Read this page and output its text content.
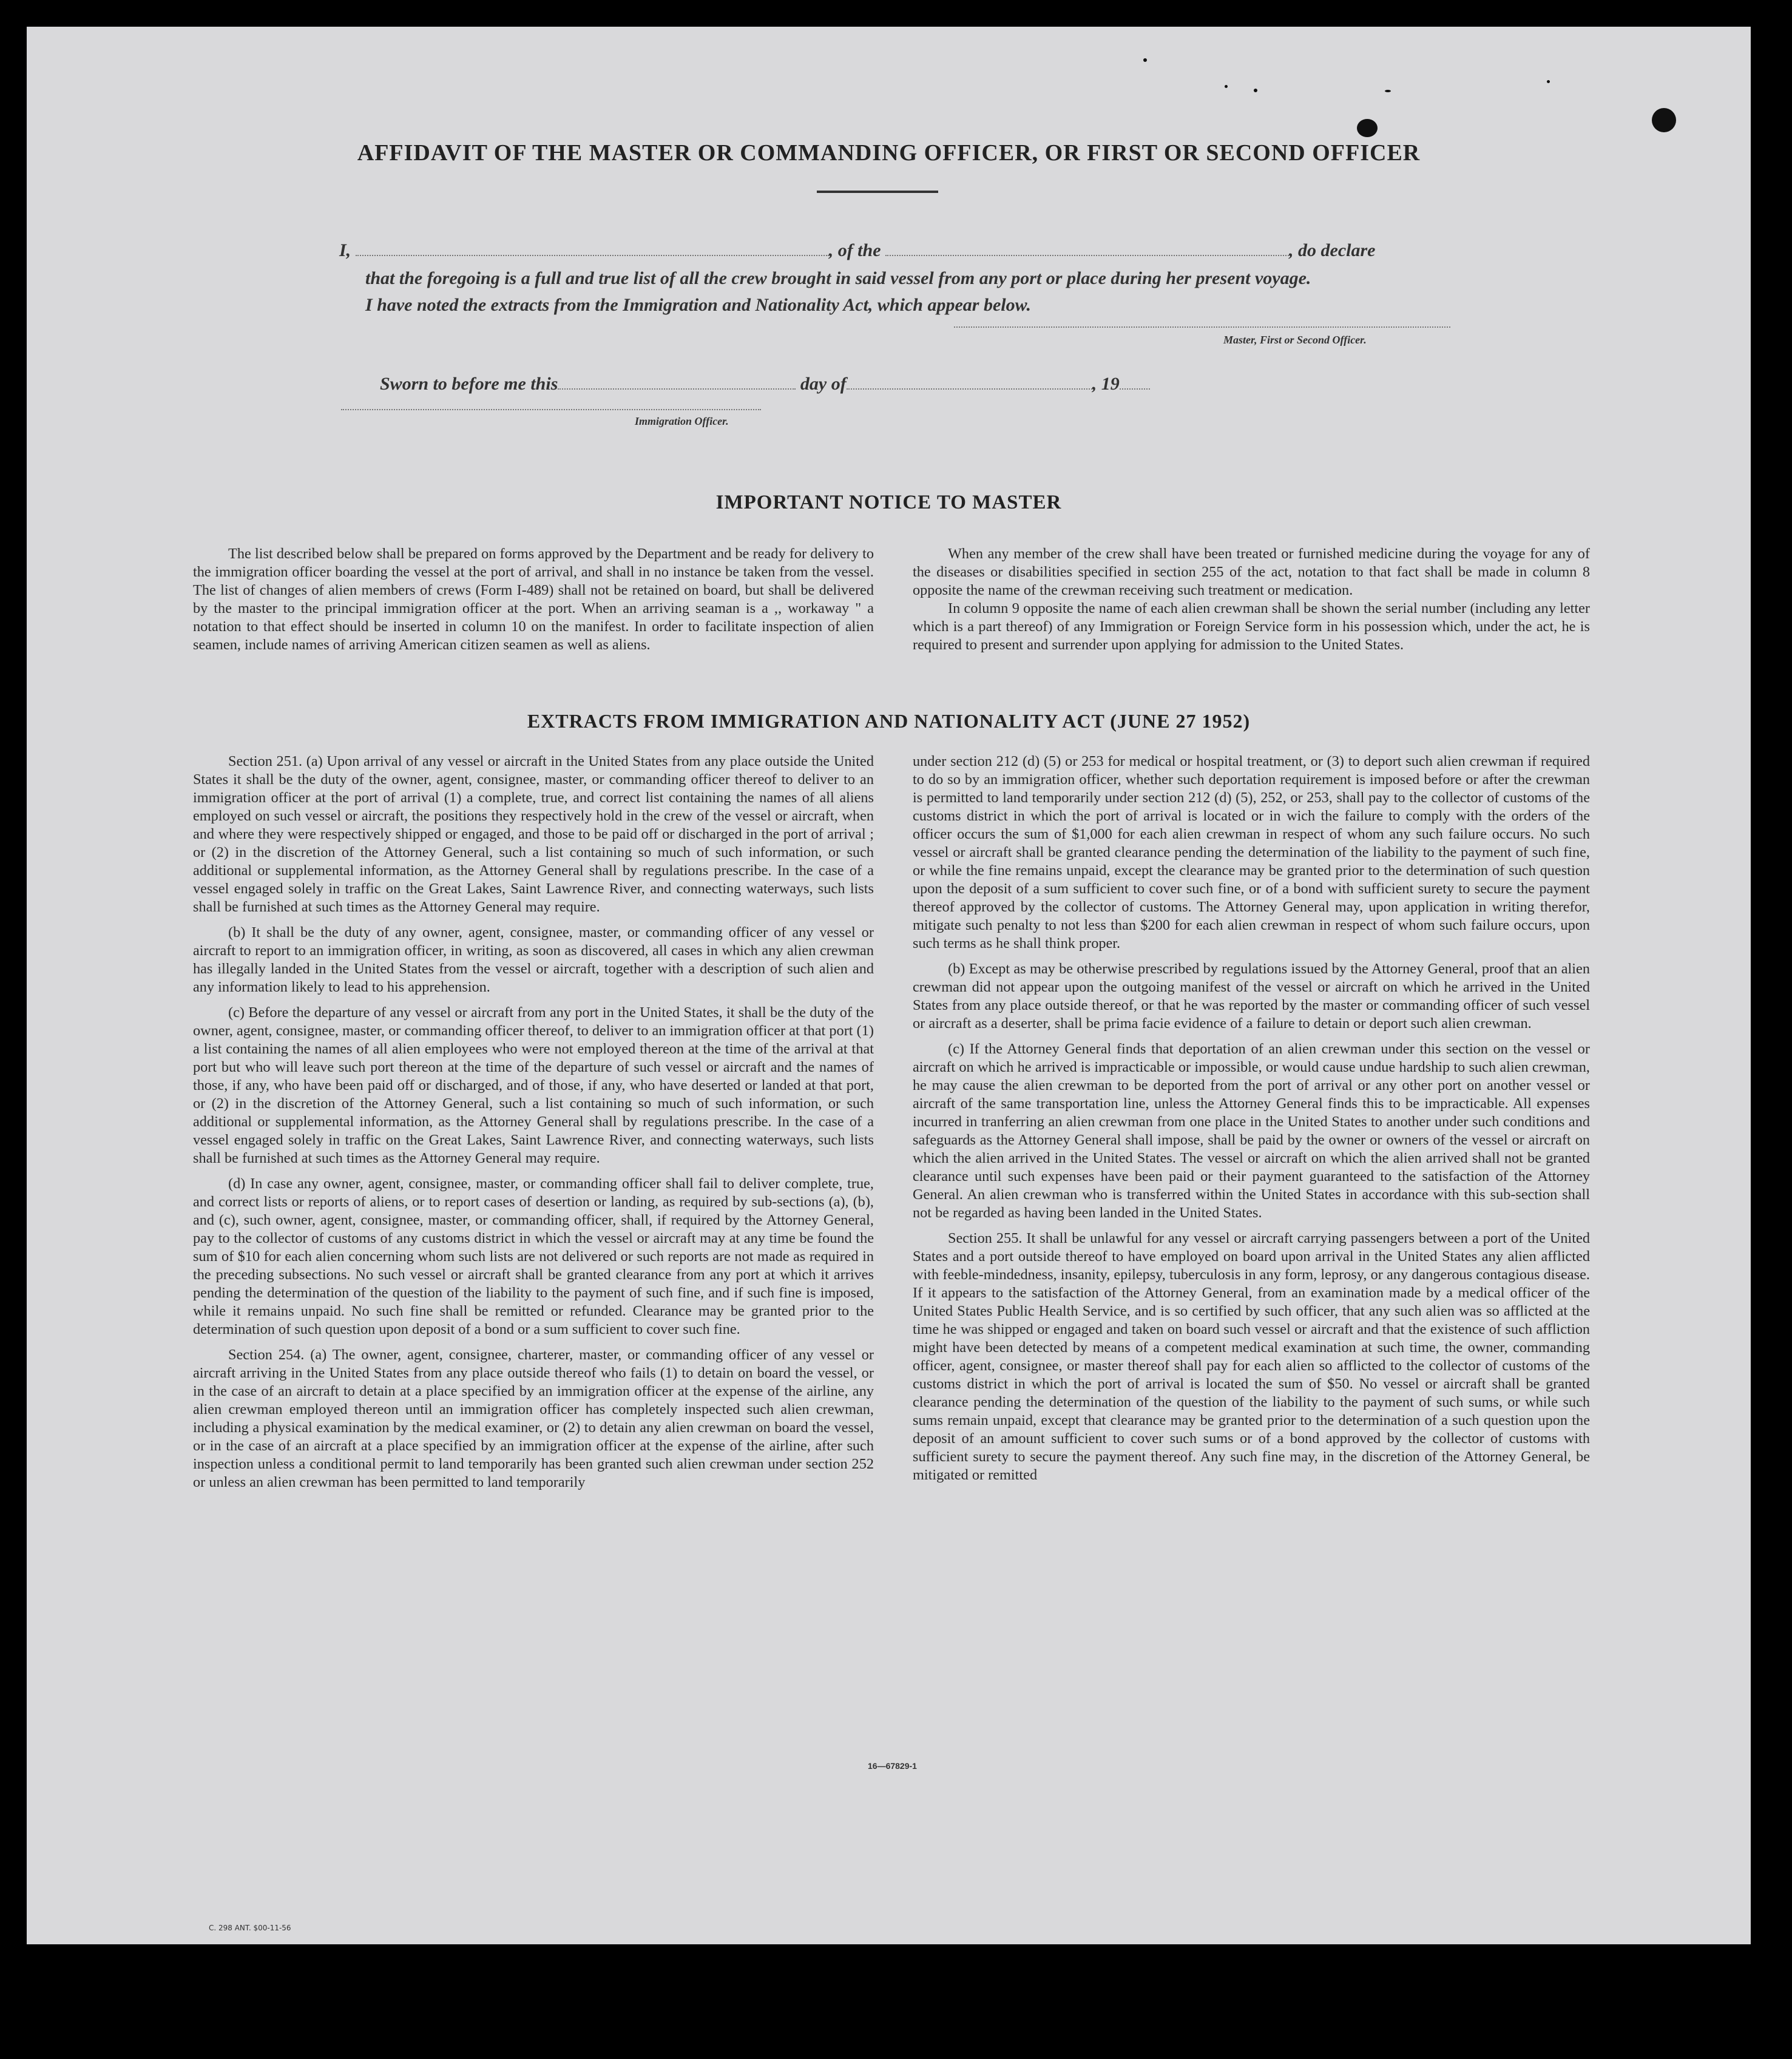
AFFIDAVIT OF THE MASTER OR COMMANDING OFFICER, OR FIRST OR SECOND OFFICER
I,	, of the	, do declare
that the foregoing is a full and true list of all the crew brought in said vessel from any port or place during her present voyage.
I have noted the extracts from the Immigration and Nationality Act, which appear below.
Master, First or Second Officer.
Sworn to before me this	day of	, 19
Immigration Officer.
IMPORTANT NOTICE TO MASTER

The list described below shall be prepared on forms approved by the Department and be ready for delivery to the immigration officer boarding the vessel at the port of arrival, and shall in no instance be taken from the vessel. The list of changes of alien members of crews (Form I-489) shall not be retained on board, but shall be delivered by the master to the principal immigration officer at the port. When an arriving seaman is a ,, workaway " a notation to that effect should be inserted in column 10 on the manifest. In order to facilitate inspection of alien seamen, include names of arriving American citizen seamen as well as aliens.

When any member of the crew shall have been treated or furnished medicine during the voyage for any of the diseases or disabilities specified in section 255 of the act, notation to that fact shall be made in column 8 opposite the name of the crewman receiving such treatment or medication.

In column 9 opposite the name of each alien crewman shall be shown the serial number (including any letter which is a part thereof) of any Immigration or Foreign Service form in his possession which, under the act, he is required to present and surrender upon applying for admission to the United States.

EXTRACTS FROM IMMIGRATION AND NATIONALITY ACT (JUNE 27 1952)

Section 251. (a) Upon arrival of any vessel or aircraft in the United States from any place outside the United States it shall be the duty of the owner, agent, consignee, master, or commanding officer thereof to deliver to an immigration officer at the port of arrival (1) a complete, true, and correct list containing the names of all aliens employed on such vessel or aircraft, the positions they respectively hold in the crew of the vessel or aircraft, when and where they were respectively shipped or engaged, and those to be paid off or discharged in the port of arrival ; or (2) in the discretion of the Attorney General, such a list containing so much of such information, or such additional or supplemental information, as the Attorney General shall by regulations prescribe. In the case of a vessel engaged solely in traffic on the Great Lakes, Saint Lawrence River, and connecting waterways, such lists shall be furnished at such times as the Attorney General may require.

(b) It shall be the duty of any owner, agent, consignee, master, or commanding officer of any vessel or aircraft to report to an immigration officer, in writing, as soon as discovered, all cases in which any alien crewman has illegally landed in the United States from the vessel or aircraft, together with a description of such alien and any information likely to lead to his apprehension.

(c) Before the departure of any vessel or aircraft from any port in the United States, it shall be the duty of the owner, agent, consignee, master, or commanding officer thereof, to deliver to an immigration officer at that port (1) a list containing the names of all alien employees who were not employed thereon at the time of the arrival at that port but who will leave such port thereon at the time of the departure of such vessel or aircraft and the names of those, if any, who have been paid off or discharged, and of those, if any, who have deserted or landed at that port, or (2) in the discretion of the Attorney General, such a list containing so much of such information, or such additional or supplemental information, as the Attorney General shall by regulations prescribe. In the case of a vessel engaged solely in traffic on the Great Lakes, Saint Lawrence River, and connecting waterways, such lists shall be furnished at such times as the Attorney General may require.

(d) In case any owner, agent, consignee, master, or commanding officer shall fail to deliver complete, true, and correct lists or reports of aliens, or to report cases of desertion or landing, as required by sub-sections (a), (b), and (c), such owner, agent, consignee, master, or commanding officer, shall, if required by the Attorney General, pay to the collector of customs of any customs district in which the vessel or aircraft may at any time be found the sum of $10 for each alien concerning whom such lists are not delivered or such reports are not made as required in the preceding subsections. No such vessel or aircraft shall be granted clearance from any port at which it arrives pending the determination of the question of the liability to the payment of such fine, and if such fine is imposed, while it remains unpaid. No such fine shall be remitted or refunded. Clearance may be granted prior to the determination of such question upon deposit of a bond or a sum sufficient to cover such fine.

Section 254. (a) The owner, agent, consignee, charterer, master, or commanding officer of any vessel or aircraft arriving in the United States from any place outside thereof who fails (1) to detain on board the vessel, or in the case of an aircraft to detain at a place specified by an immigration officer at the expense of the airline, any alien crewman employed thereon until an immigration officer has completely inspected such alien crewman, including a physical examination by the medical examiner, or (2) to detain any alien crewman on board the vessel, or in the case of an aircraft at a place specified by an immigration officer at the expense of the airline, after such inspection unless a conditional permit to land temporarily has been granted such alien crewman under section 252 or unless an alien crewman has been permitted to land temporarily

under section 212 (d) (5) or 253 for medical or hospital treatment, or (3) to deport such alien crewman if required to do so by an immigration officer, whether such deportation requirement is imposed before or after the crewman is permitted to land temporarily under section 212 (d) (5), 252, or 253, shall pay to the collector of customs of the customs district in which the port of arrival is located or in wich the failure to comply with the orders of the officer occurs the sum of $1,000 for each alien crewman in respect of whom any such failure occurs. No such vessel or aircraft shall be granted clearance pending the determination of the liability to the payment of such fine, or while the fine remains unpaid, except the clearance may be granted prior to the determination of such question upon the deposit of a sum sufficient to cover such fine, or of a bond with sufficient surety to secure the payment thereof approved by the collector of customs. The Attorney General may, upon application in writing therefor, mitigate such penalty to not less than $200 for each alien crewman in respect of whom such failure occurs, upon such terms as he shall think proper.

(b) Except as may be otherwise prescribed by regulations issued by the Attorney General, proof that an alien crewman did not appear upon the outgoing manifest of the vessel or aircraft on which he arrived in the United States from any place outside thereof, or that he was reported by the master or commanding officer of such vessel or aircraft as a deserter, shall be prima facie evidence of a failure to detain or deport such alien crewman.

(c) If the Attorney General finds that deportation of an alien crewman under this section on the vessel or aircraft on which he arrived is impracticable or impossible, or would cause undue hardship to such alien crewman, he may cause the alien crewman to be deported from the port of arrival or any other port on another vessel or aircraft of the same transportation line, unless the Attorney General finds this to be impracticable. All expenses incurred in tranferring an alien crewman from one place in the United States to another under such conditions and safeguards as the Attorney General shall impose, shall be paid by the owner or owners of the vessel or aircraft on which the alien arrived in the United States. The vessel or aircraft on which the alien arrived shall not be granted clearance until such expenses have been paid or their payment guaranteed to the satisfaction of the Attorney General. An alien crewman who is transferred within the United States in accordance with this sub-section shall not be regarded as having been landed in the United States.

Section 255. It shall be unlawful for any vessel or aircraft carrying passengers between a port of the United States and a port outside thereof to have employed on board upon arrival in the United States any alien afflicted with feeble-mindedness, insanity, epilepsy, tuberculosis in any form, leprosy, or any dangerous contagious disease. If it appears to the satisfaction of the Attorney General, from an examination made by a medical officer of the United States Public Health Service, and is so certified by such officer, that any such alien was so afflicted at the time he was shipped or engaged and taken on board such vessel or aircraft and that the existence of such affliction might have been detected by means of a competent medical examination at such time, the owner, commanding officer, agent, consignee, or master thereof shall pay for each alien so afflicted to the collector of customs of the customs district in which the port of arrival is located the sum of $50. No vessel or aircraft shall be granted clearance pending the determination of the question of the liability to the payment of such sums, or while such sums remain unpaid, except that clearance may be granted prior to the determination of a such question upon the deposit of an amount sufficient to cover such sums or of a bond approved by the collector of customs with sufficient surety to secure the payment thereof. Any such fine may, in the discretion of the Attorney General, be mitigated or remitted

16—67829-1
C. 298 ANT. $00-11-56
